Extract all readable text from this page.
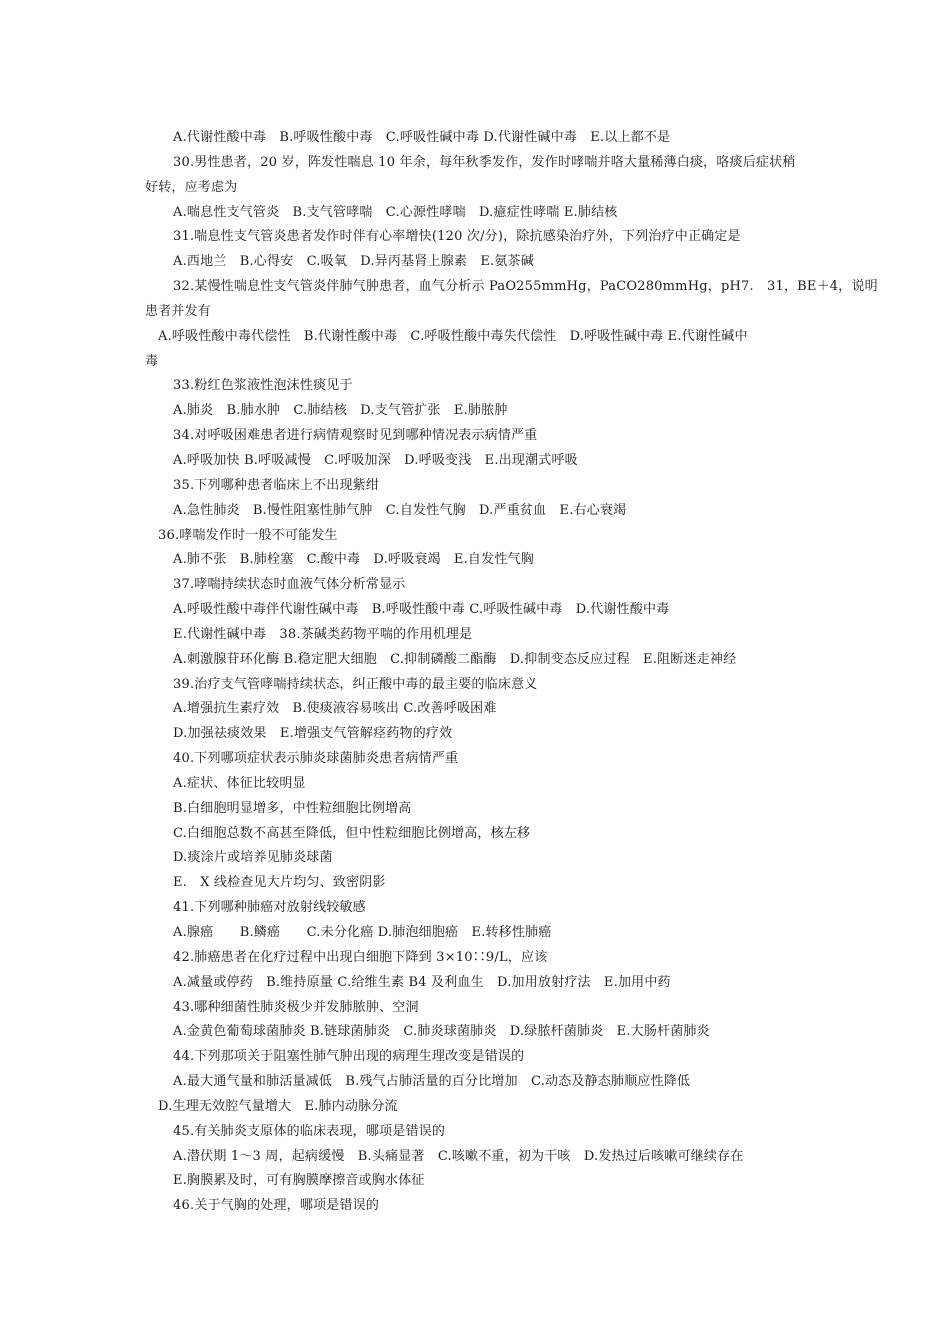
A.代谢性酸中毒　B.呼吸性酸中毒　C.呼吸性碱中毒 D.代谢性碱中毒　E.以上都不是
30.男性患者，20 岁，阵发性喘息 10 年余，每年秋季发作，发作时哮喘并咯大量稀薄白痰，咯痰后症状稍
好转，应考虑为
A.喘息性支气管炎　B.支气管哮喘　C.心源性哮喘　D.癔症性哮喘 E.肺结核
31.喘息性支气管炎患者发作时伴有心率增快(120 次/分)，除抗感染治疗外，下列治疗中正确定是
A.西地兰　B.心得安　C.吸氧　D.异丙基肾上腺素　E.氨茶碱
32.某慢性喘息性支气管炎伴肺气肿患者，血气分析示 PaO255mmHg，PaCO280mmHg，pH7.　31，BE＋4，说明
患者并发有
A.呼吸性酸中毒代偿性　B.代谢性酸中毒　C.呼吸性酸中毒失代偿性　D.呼吸性碱中毒 E.代谢性碱中
毒
33.粉红色浆液性泡沫性痰见于
A.肺炎　B.肺水肿　C.肺结核　D.支气管扩张　E.肺脓肿
34.对呼吸困难患者进行病情观察时见到哪种情况表示病情严重
A.呼吸加快 B.呼吸减慢　C.呼吸加深　D.呼吸变浅　E.出现潮式呼吸
35.下列哪种患者临床上不出现紫绀
A.急性肺炎　B.慢性阻塞性肺气肿　C.自发性气胸　D.严重贫血　E.右心衰竭
36.哮喘发作时一般不可能发生
A.肺不张　B.肺栓塞　C.酸中毒　D.呼吸衰竭　E.自发性气胸
37.哮喘持续状态时血液气体分析常显示
A.呼吸性酸中毒伴代谢性碱中毒　B.呼吸性酸中毒 C.呼吸性碱中毒　D.代谢性酸中毒
E.代谢性碱中毒　38.茶碱类药物平喘的作用机理是
A.刺激腺苷环化酶 B.稳定肥大细胞　C.抑制磷酸二酯酶　D.抑制变态反应过程　E.阻断迷走神经
39.治疗支气管哮喘持续状态，纠正酸中毒的最主要的临床意义
A.增强抗生素疗效　B.使痰液容易咳出 C.改善呼吸困难
D.加强祛痰效果　E.增强支气管解痉药物的疗效
40.下列哪项症状表示肺炎球菌肺炎患者病情严重
A.症状、体征比较明显
B.白细胞明显增多，中性粒细胞比例增高
C.白细胞总数不高甚至降低，但中性粒细胞比例增高，核左移
D.痰涂片或培养见肺炎球菌
E.　X 线检查见大片均匀、致密阴影
41.下列哪种肺癌对放射线较敏感
A.腺癌　　B.鳞癌　　C.未分化癌 D.肺泡细胞癌　E.转移性肺癌
42.肺癌患者在化疗过程中出现白细胞下降到 3×10∷9/L，应该
A.减量或停药　B.维持原量 C.给维生素 B4 及利血生　D.加用放射疗法　E.加用中药
43.哪种细菌性肺炎极少并发肺脓肿、空洞
A.金黄色葡萄球菌肺炎 B.链球菌肺炎　C.肺炎球菌肺炎　D.绿脓杆菌肺炎　E.大肠杆菌肺炎
44.下列那项关于阻塞性肺气肿出现的病理生理改变是错误的
A.最大通气量和肺活量减低　B.残气占肺活量的百分比增加　C.动态及静态肺顺应性降低
D.生理无效腔气量增大　E.肺内动脉分流
45.有关肺炎支原体的临床表现，哪项是错误的
A.潜伏期 1～3 周，起病缓慢　B.头痛显著　C.咳嗽不重，初为干咳　D.发热过后咳嗽可继续存在
E.胸膜累及时，可有胸膜摩擦音或胸水体征
46.关于气胸的处理，哪项是错误的
